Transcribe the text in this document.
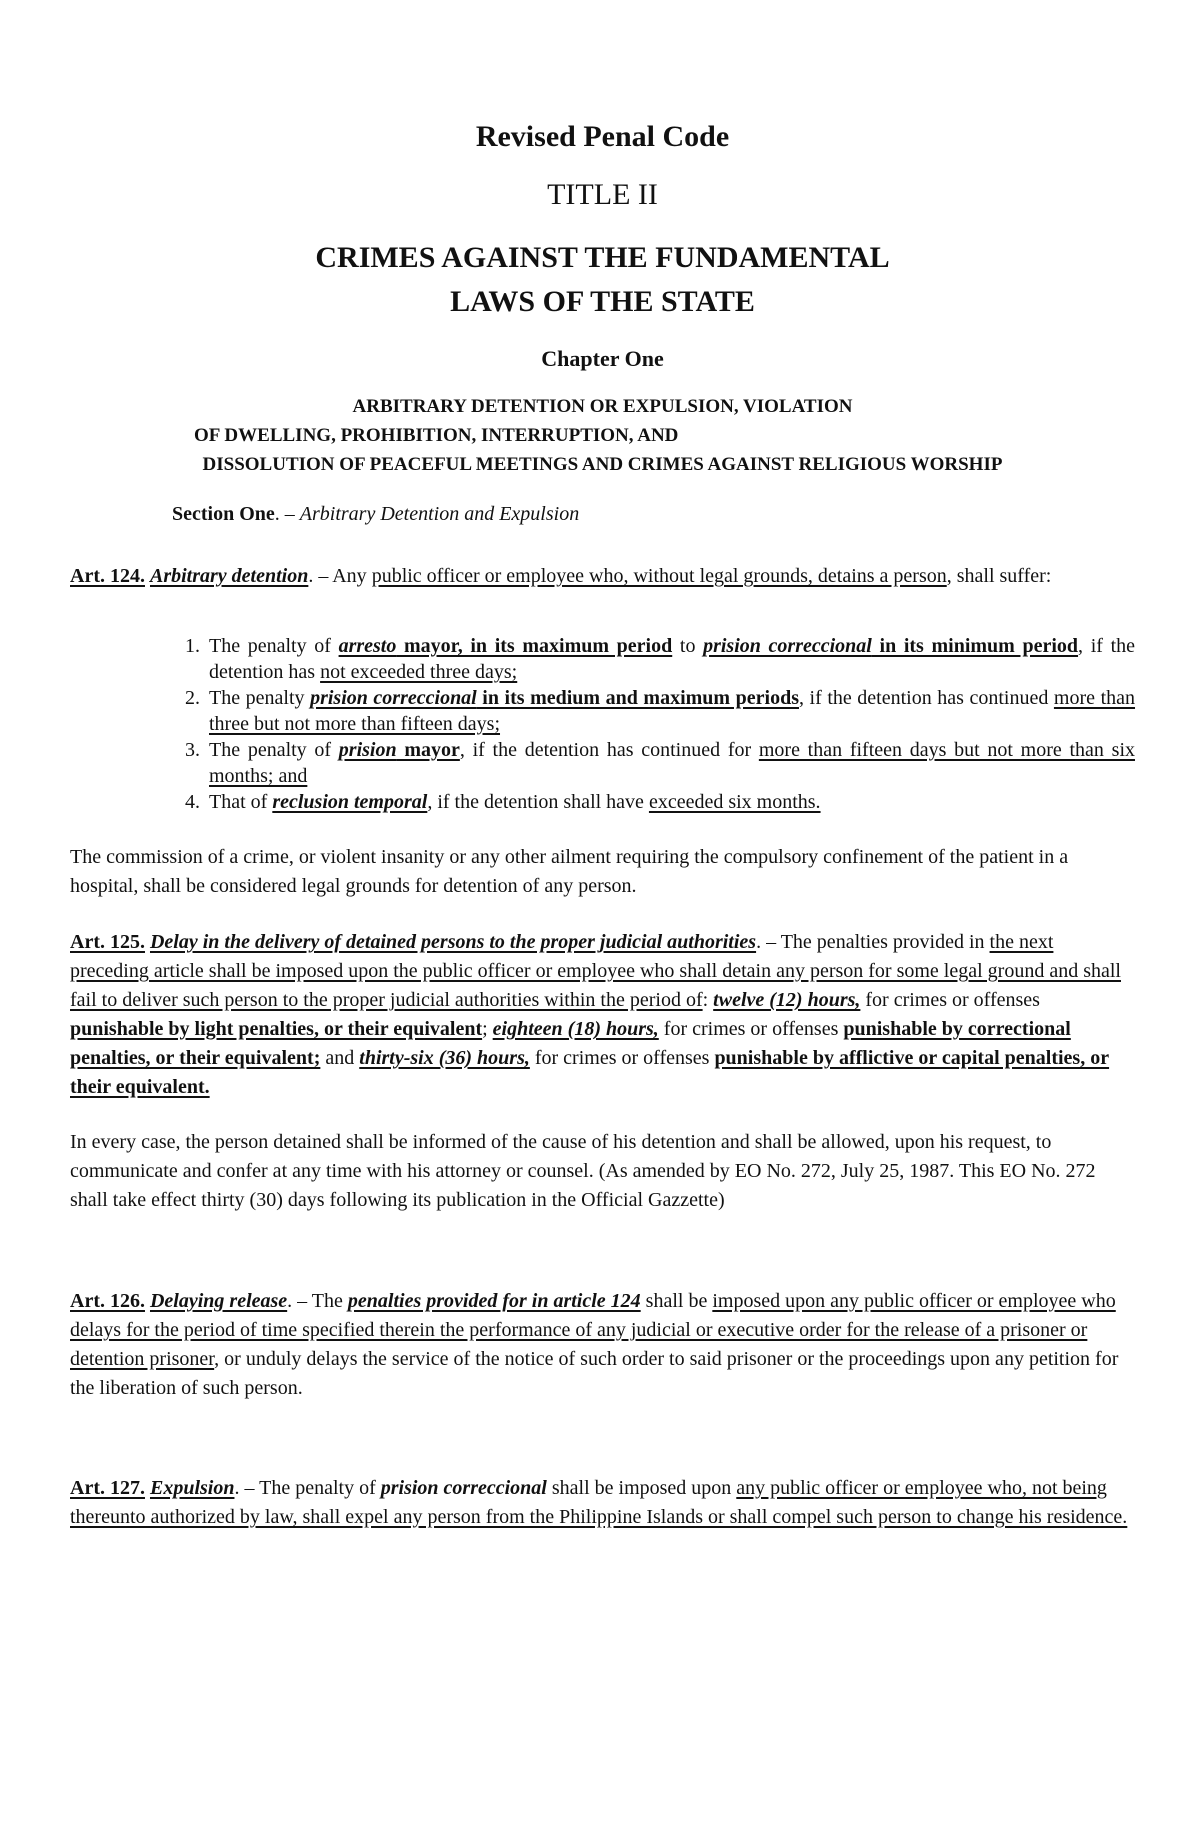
Revised Penal Code
TITLE II
CRIMES AGAINST THE FUNDAMENTAL
LAWS OF THE STATE
Chapter One
ARBITRARY DETENTION OR EXPULSION, VIOLATION
OF DWELLING, PROHIBITION, INTERRUPTION, AND
DISSOLUTION OF PEACEFUL MEETINGS AND CRIMES AGAINST RELIGIOUS WORSHIP
Section One. – Arbitrary Detention and Expulsion

Art. 124. Arbitrary detention. – Any public officer or employee who, without legal grounds, detains a person, shall suffer:

1. The penalty of arresto mayor, in its maximum period to prision correccional in its minimum period, if the detention has not exceeded three days;
2. The penalty prision correccional in its medium and maximum periods, if the detention has continued more than three but not more than fifteen days;
3. The penalty of prision mayor, if the detention has continued for more than fifteen days but not more than six months; and
4. That of reclusion temporal, if the detention shall have exceeded six months.

The commission of a crime, or violent insanity or any other ailment requiring the compulsory confinement of the patient in a hospital, shall be considered legal grounds for detention of any person.

Art. 125. Delay in the delivery of detained persons to the proper judicial authorities. – The penalties provided in the next preceding article shall be imposed upon the public officer or employee who shall detain any person for some legal ground and shall fail to deliver such person to the proper judicial authorities within the period of: twelve (12) hours, for crimes or offenses punishable by light penalties, or their equivalent; eighteen (18) hours, for crimes or offenses punishable by correctional penalties, or their equivalent; and thirty-six (36) hours, for crimes or offenses punishable by afflictive or capital penalties, or their equivalent.

In every case, the person detained shall be informed of the cause of his detention and shall be allowed, upon his request, to communicate and confer at any time with his attorney or counsel. (As amended by EO No. 272, July 25, 1987. This EO No. 272 shall take effect thirty (30) days following its publication in the Official Gazzette)

Art. 126. Delaying release. – The penalties provided for in article 124 shall be imposed upon any public officer or employee who delays for the period of time specified therein the performance of any judicial or executive order for the release of a prisoner or detention prisoner, or unduly delays the service of the notice of such order to said prisoner or the proceedings upon any petition for the liberation of such person.

Art. 127. Expulsion. – The penalty of prision correccional shall be imposed upon any public officer or employee who, not being thereunto authorized by law, shall expel any person from the Philippine Islands or shall compel such person to change his residence.
